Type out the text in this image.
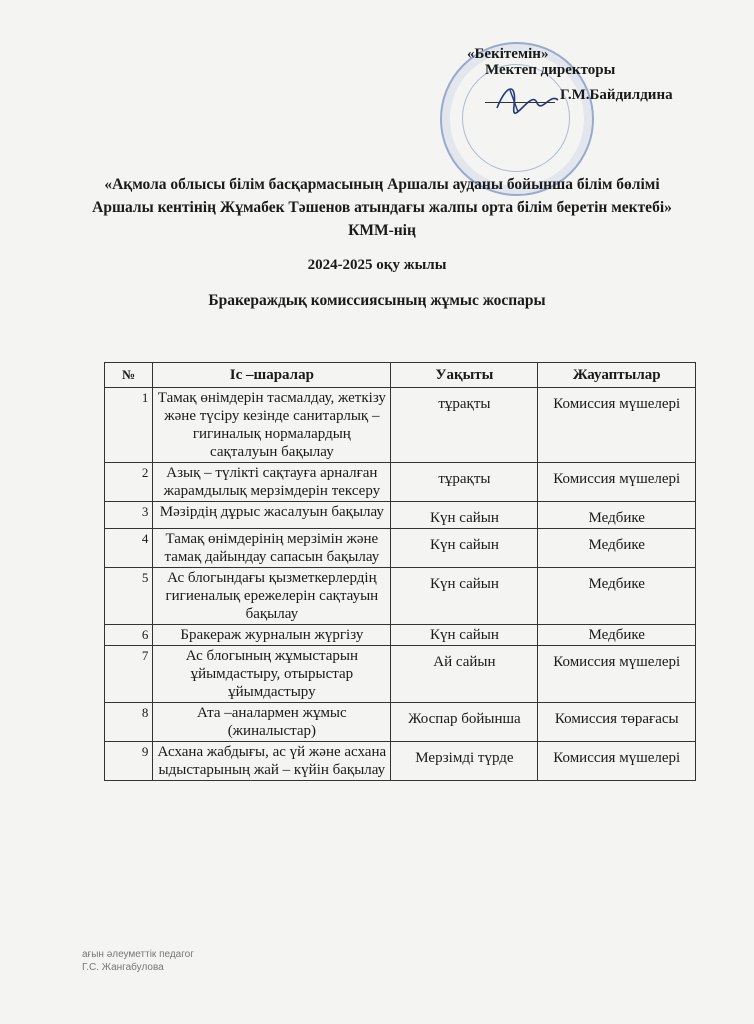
«Бекітемін»
Мектеп директоры
Г.М.Байдилдина
«Ақмола облысы білім басқармасының Аршалы ауданы бойынша білім бөлімі Аршалы кентінің Жұмабек Тәшенов атындағы жалпы орта білім беретін мектебі» КММ-нің
2024-2025 оқу жылы
Бракераждық комиссиясының жұмыс жоспары
№	Іс –шаралар	Уақыты	Жауаптылар
1	Тамақ өнімдерін тасмалдау, жеткізу және түсіру кезінде санитарлық – гигиналық нормалардың сақталуын бақылау	тұрақты	Комиссия мүшелері
2	Азық – түлікті сақтауға арналған жарамдылық мерзімдерін тексеру	тұрақты	Комиссия мүшелері
3	Мәзірдің дұрыс жасалуын бақылау	Күн сайын	Медбике
4	Тамақ өнімдерінің мерзімін және тамақ дайындау сапасын бақылау	Күн сайын	Медбике
5	Ас блогындағы қызметкерлердің гигиеналық ережелерін сақтауын бақылау	Күн сайын	Медбике
6	Бракераж журналын жүргізу	Күн сайын	Медбике
7	Ас блогының жұмыстарын ұйымдастыру, отырыстар ұйымдастыру	Ай сайын	Комиссия мүшелері
8	Ата –аналармен жұмыс (жиналыстар)	Жоспар бойынша	Комиссия төрағасы
9	Асхана жабдығы, ас үй және асхана ыдыстарының жай – күйін бақылау	Мерзімді түрде	Комиссия мүшелері
ағын әлеуметтік педагог
Г.С. Жангабулова
